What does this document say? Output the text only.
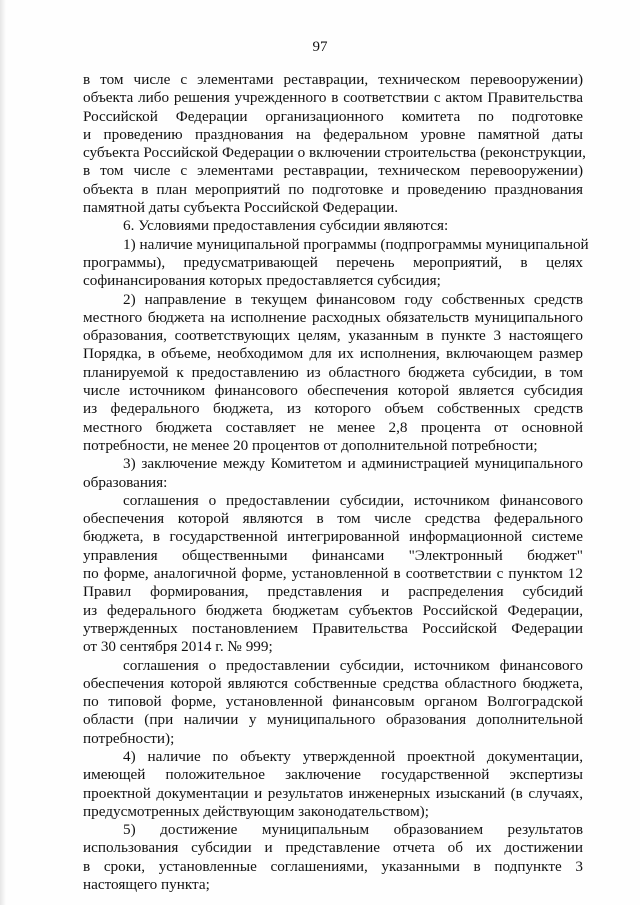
97
в том числе с элементами реставрации, техническом перевооружении)
объекта либо решения учрежденного в соответствии с актом Правительства
Российской Федерации организационного комитета по подготовке
и проведению празднования на федеральном уровне памятной даты
субъекта Российской Федерации о включении строительства (реконструкции,
в том числе с элементами реставрации, техническом перевооружении)
объекта в план мероприятий по подготовке и проведению празднования
памятной даты субъекта Российской Федерации.
6. Условиями предоставления субсидии являются:
1) наличие муниципальной программы (подпрограммы муниципальной
программы), предусматривающей перечень мероприятий, в целях
софинансирования которых предоставляется субсидия;
2) направление в текущем финансовом году собственных средств
местного бюджета на исполнение расходных обязательств муниципального
образования, соответствующих целям, указанным в пункте 3 настоящего
Порядка, в объеме, необходимом для их исполнения, включающем размер
планируемой к предоставлению из областного бюджета субсидии, в том
числе источником финансового обеспечения которой является субсидия
из федерального бюджета, из которого объем собственных средств
местного бюджета составляет не менее 2,8 процента от основной
потребности, не менее 20 процентов от дополнительной потребности;
3) заключение между Комитетом и администрацией муниципального
образования:
соглашения о предоставлении субсидии, источником финансового
обеспечения которой являются в том числе средства федерального
бюджета, в государственной интегрированной информационной системе
управления общественными финансами "Электронный бюджет"
по форме, аналогичной форме, установленной в соответствии с пунктом 12
Правил формирования, представления и распределения субсидий
из федерального бюджета бюджетам субъектов Российской Федерации,
утвержденных постановлением Правительства Российской Федерации
от 30 сентября 2014 г. № 999;
соглашения о предоставлении субсидии, источником финансового
обеспечения которой являются собственные средства областного бюджета,
по типовой форме, установленной финансовым органом Волгоградской
области (при наличии у муниципального образования дополнительной
потребности);
4) наличие по объекту утвержденной проектной документации,
имеющей положительное заключение государственной экспертизы
проектной документации и результатов инженерных изысканий (в случаях,
предусмотренных действующим законодательством);
5) достижение муниципальным образованием результатов
использования субсидии и представление отчета об их достижении
в сроки, установленные соглашениями, указанными в подпункте 3
настоящего пункта;
